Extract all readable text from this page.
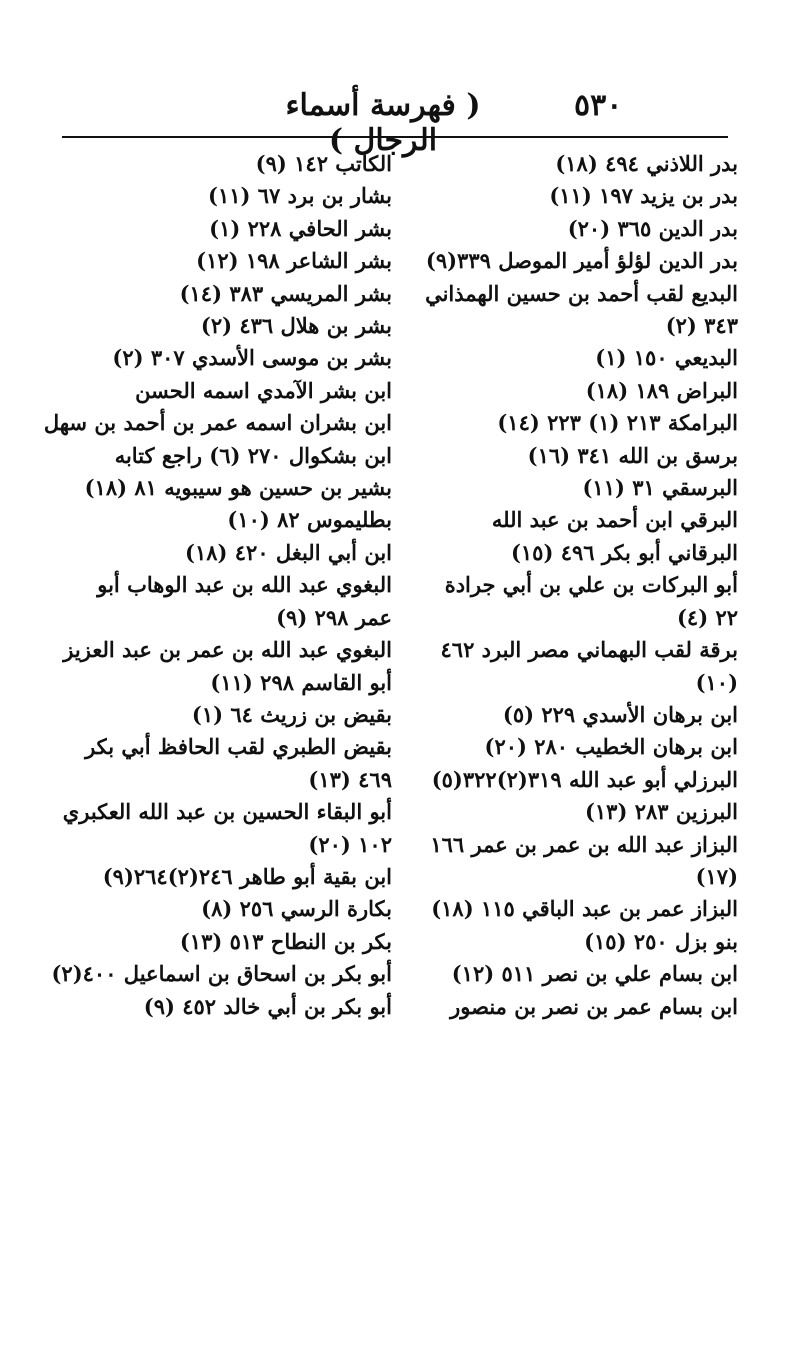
٥٣٠
( فهرسة أسماء الرجال )
بدر اللاذني ٤٩٤ (١٨)
بدر بن يزيد ١٩٧ (١١)
بدر الدين ٣٦٥ (٢٠)
بدر الدين لؤلؤ أمير الموصل ٣٣٩(٩)
البديع لقب أحمد بن حسين الهمذاني
٣٤٣ (٢)
البديعي ١٥٠ (١)
البراض ١٨٩ (١٨)
البرامكة ٢١٣ (١) ٢٢٣ (١٤)
برسق بن الله ٣٤١ (١٦)
البرسقي ٣١ (١١)
البرقي ابن أحمد بن عبد الله
البرقاني أبو بكر ٤٩٦ (١٥)
أبو البركات بن علي بن أبي جرادة
٢٢ (٤)
برقة لقب البهماني مصر البرد ٤٦٢
(١٠)
ابن برهان الأسدي ٢٢٩ (٥)
ابن برهان الخطيب ٢٨٠ (٢٠)
البرزلي أبو عبد الله ٣١٩(٢)٣٢٢(٥)
البرزين ٢٨٣ (١٣)
البزاز عبد الله بن عمر بن عمر ١٦٦
(١٧)
البزاز عمر بن عبد الباقي ١١٥ (١٨)
بنو بزل ٢٥٠ (١٥)
ابن بسام علي بن نصر ٥١١ (١٢)
ابن بسام عمر بن نصر بن منصور
الكاتب ١٤٢ (٩)
بشار بن برد ٦٧ (١١)
بشر الحافي ٢٢٨ (١)
بشر الشاعر ١٩٨ (١٢)
بشر المريسي ٣٨٣ (١٤)
بشر بن هلال ٤٣٦ (٢)
بشر بن موسى الأسدي ٣٠٧ (٢)
ابن بشر الآمدي اسمه الحسن
ابن بشران اسمه عمر بن أحمد بن سهل
ابن بشكوال ٢٧٠ (٦) راجع كتابه
بشير بن حسين هو سيبويه ٨١ (١٨)
بطليموس ٨٢ (١٠)
ابن أبي البغل ٤٢٠ (١٨)
البغوي عبد الله بن عبد الوهاب أبو
عمر ٢٩٨ (٩)
البغوي عبد الله بن عمر بن عبد العزيز
أبو القاسم ٢٩٨ (١١)
بقيض بن زريث ٦٤ (١)
بقيض الطبري لقب الحافظ أبي بكر
٤٦٩ (١٣)
أبو البقاء الحسين بن عبد الله العكبري
١٠٢ (٢٠)
ابن بقية أبو طاهر ٢٤٦(٢)٢٦٤(٩)
بكارة الرسي ٢٥٦ (٨)
بكر بن النطاح ٥١٣ (١٣)
أبو بكر بن اسحاق بن اسماعيل ٤٠٠(٢)
أبو بكر بن أبي خالد ٤٥٢ (٩)
